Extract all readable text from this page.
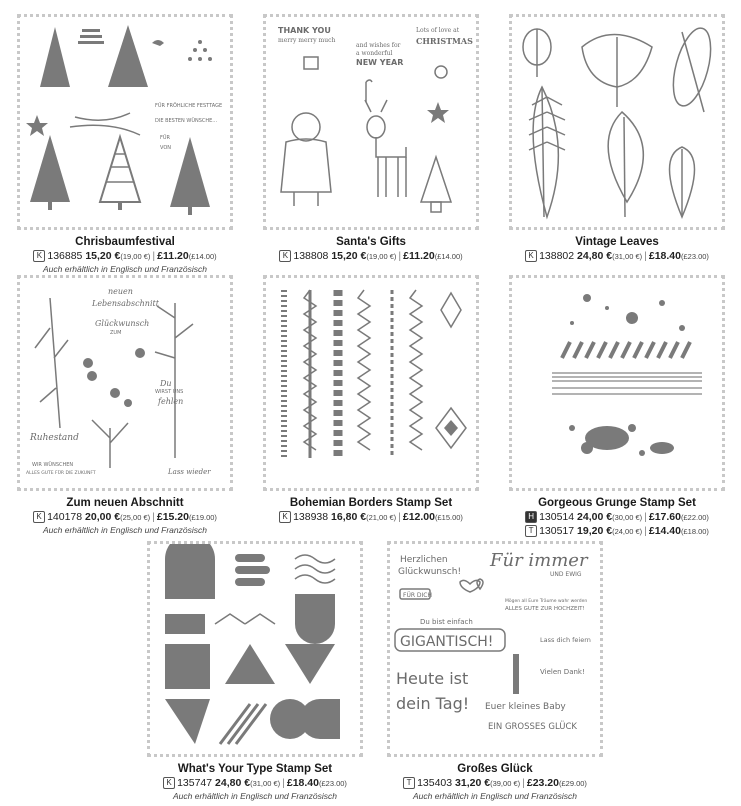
FÜR FRÖHLICHE FESTTAGE
DIE BESTEN WÜNSCHE...
FÜR
VON
Chrisbaumfestival
K 136885 15,20 €(19,00 €) | £11.20(£14.00)
Auch erhältlich in Englisch und Französisch
THANK YOU
merry merry much
Lots of love at
CHRISTMAS
and wishes for
a wonderful
NEW YEAR
Santa's Gifts
K 138808 15,20 €(19,00 €) | £11.20(£14.00)
Vintage Leaves
K 138802 24,80 €(31,00 €) | £18.40(£23.00)
neuen
Lebensabschnitt
Glückwunsch
ZUM
Du
WIRST UNS
fehlen
Ruhestand
WIR WÜNSCHEN
ALLES GUTE FÜR DIE ZUKUNFT	Lass wieder
Zum neuen Abschnitt
K 140178 20,00 €(25,00 €) | £15.20(£19.00)
Auch erhältlich in Englisch und Französisch
Bohemian Borders Stamp Set
K 138938 16,80 €(21,00 €) | £12.00(£15.00)
Gorgeous Grunge Stamp Set
H 130514 24,00 €(30,00 €) | £17.60(£22.00)
T 130517 19,20 €(24,00 €) | £14.40(£18.00)
What's Your Type Stamp Set
K 135747 24,80 €(31,00 €) | £18.40(£23.00)
Auch erhältlich in Englisch und Französisch
Herzlichen
Glückwunsch!
Für immer
UND EWIG
FÜR DICH
Mögen all Eure Träume wahr werden
ALLES GUTE ZUR HOCHZEIT!
Du bist einfach
GIGANTISCH!	Lass dich feiern
Vielen Dank!
Heute ist
dein Tag! Euer kleines Baby
EIN GROSSES GLÜCK
Großes Glück
T 135403 31,20 €(39,00 €) | £23.20(£29.00)
Auch erhältlich in Englisch und Französisch
